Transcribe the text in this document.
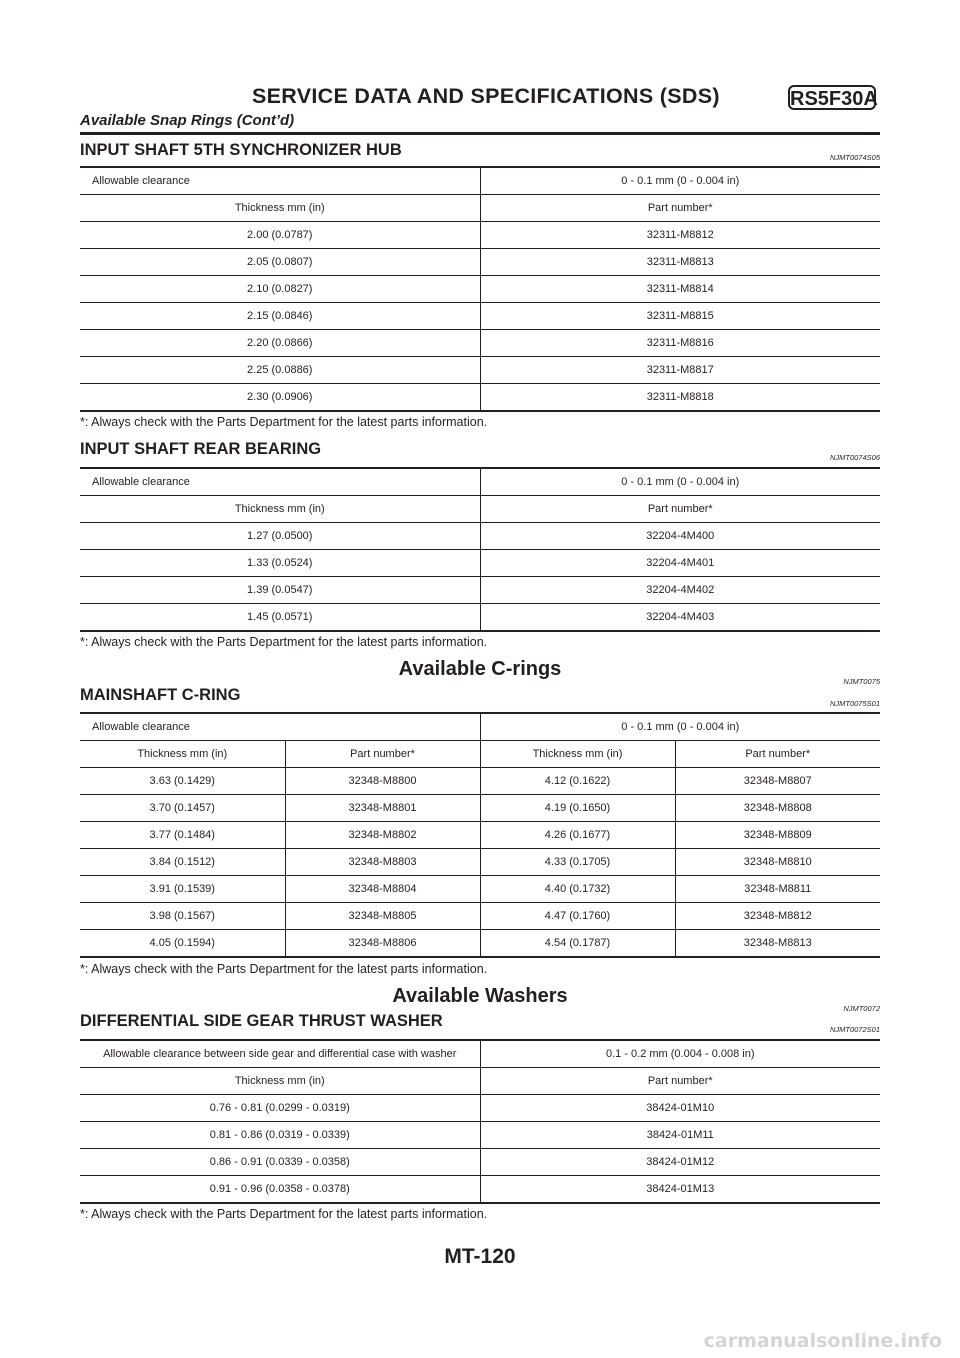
SERVICE DATA AND SPECIFICATIONS (SDS)	RS5F30A
Available Snap Rings (Cont’d)
INPUT SHAFT 5TH SYNCHRONIZER HUB	NJMT0074S05
Allowable clearance	0 - 0.1 mm (0 - 0.004 in)
Thickness mm (in)	Part number*
2.00 (0.0787)	32311-M8812
2.05 (0.0807)	32311-M8813
2.10 (0.0827)	32311-M8814
2.15 (0.0846)	32311-M8815
2.20 (0.0866)	32311-M8816
2.25 (0.0886)	32311-M8817
2.30 (0.0906)	32311-M8818
*: Always check with the Parts Department for the latest parts information.
INPUT SHAFT REAR BEARING	NJMT0074S06
Allowable clearance	0 - 0.1 mm (0 - 0.004 in)
Thickness mm (in)	Part number*
1.27 (0.0500)	32204-4M400
1.33 (0.0524)	32204-4M401
1.39 (0.0547)	32204-4M402
1.45 (0.0571)	32204-4M403
*: Always check with the Parts Department for the latest parts information.
Available C-rings
NJMT0075
MAINSHAFT C-RING	NJMT0075S01
Allowable clearance		0 - 0.1 mm (0 - 0.004 in)	
Thickness mm (in)	Part number*	Thickness mm (in)	Part number*
3.63 (0.1429)	32348-M8800	4.12 (0.1622)	32348-M8807
3.70 (0.1457)	32348-M8801	4.19 (0.1650)	32348-M8808
3.77 (0.1484)	32348-M8802	4.26 (0.1677)	32348-M8809
3.84 (0.1512)	32348-M8803	4.33 (0.1705)	32348-M8810
3.91 (0.1539)	32348-M8804	4.40 (0.1732)	32348-M8811
3.98 (0.1567)	32348-M8805	4.47 (0.1760)	32348-M8812
4.05 (0.1594)	32348-M8806	4.54 (0.1787)	32348-M8813
*: Always check with the Parts Department for the latest parts information.
Available Washers
NJMT0072
DIFFERENTIAL SIDE GEAR THRUST WASHER	NJMT0072S01
Allowable clearance between side gear and differential case with washer	0.1 - 0.2 mm (0.004 - 0.008 in)
Thickness mm (in)	Part number*
0.76 - 0.81 (0.0299 - 0.0319)	38424-01M10
0.81 - 0.86 (0.0319 - 0.0339)	38424-01M11
0.86 - 0.91 (0.0339 - 0.0358)	38424-01M12
0.91 - 0.96 (0.0358 - 0.0378)	38424-01M13
*: Always check with the Parts Department for the latest parts information.
MT-120
carmanualsonline.info
